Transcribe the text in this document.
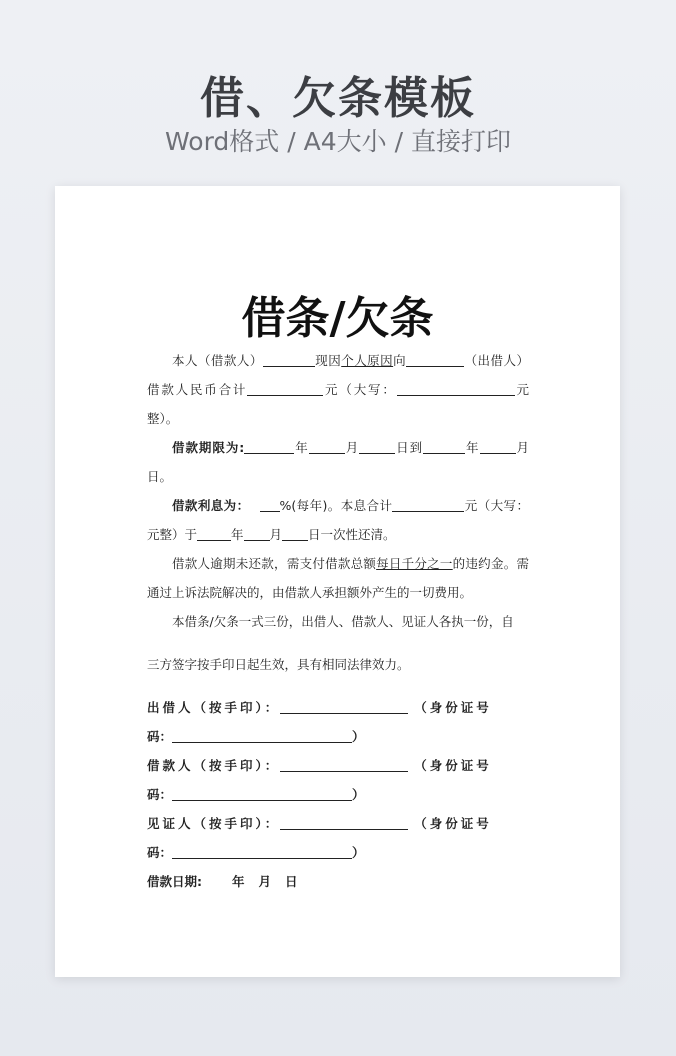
借、欠条模板
Word格式 / A4大小 / 直接打印
借条/欠条

本人（借款人）	现因个人原因向	（出借人）借款人民币合计	元（大写：	元整）。

借款期限为:	年	月	日到	年	月日。

借款利息为： %(每年)。本息合计	元（大写：元整）于	年 月 日一次性还清。

借款人逾期未还款，需支付借款总额每日千分之一的违约金。需通过上诉法院解决的，由借款人承担额外产生的一切费用。

本借条/欠条一式三份，出借人、借款人、见证人各执一份，自

三方签字按手印日起生效，具有相同法律效力。

出借人（按手印）：	（身份证号

码：	）

借款人（按手印）：	（身份证号

码：	）

见证人（按手印）：	（身份证号

码：	）

借款日期: 年 月 日
